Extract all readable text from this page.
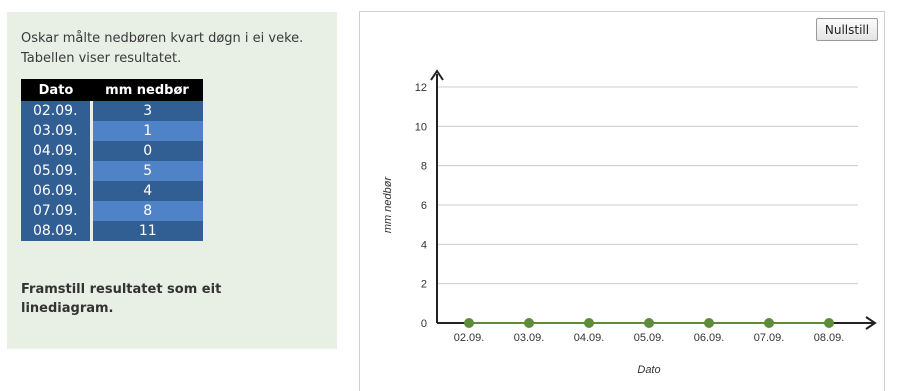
Oskar målte nedbøren kvart døgn i ei veke.
Tabellen viser resultatet.
Dato	mm nedbør
02.09.	3
03.09.	1
04.09.	0
05.09.	5
06.09.	4
07.09.	8
08.09.	11
Framstill resultatet som eit
linediagram.
0
2
4
6
8
10
12
02.09.	03.09.	04.09.	05.09.	06.09.	07.09.	08.09.
Dato
mm nedbør
Nullstill
